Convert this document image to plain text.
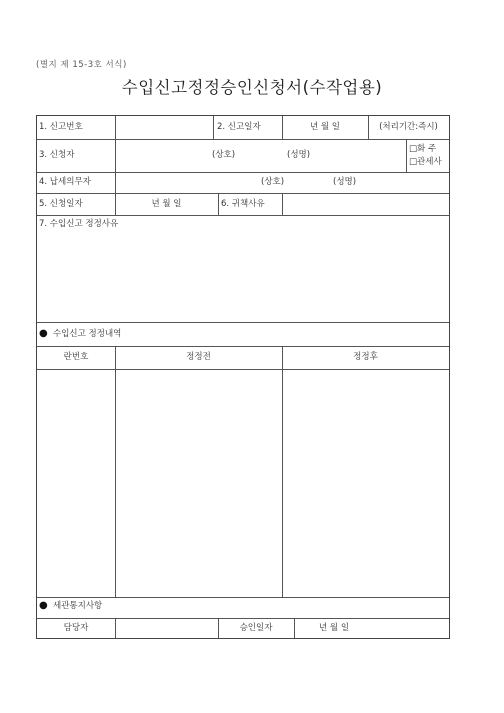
(별지 제 15-3호 서식)
수입신고정정승인신청서(수작업용)
1. 신고번호	2. 신고일자	년 월 일	(처리기간:즉시)
3. 신청자	(상호)	(성명)
□화 주
□관세사
4. 납세의무자	(상호)	(성명)
5. 신청일자	년 월 일	6. 귀책사유
7. 수입신고 정정사유
● 수입신고 정정내역
란번호	정정전	정정후
● 세관통지사항
담당자	승인일자	년 월 일
